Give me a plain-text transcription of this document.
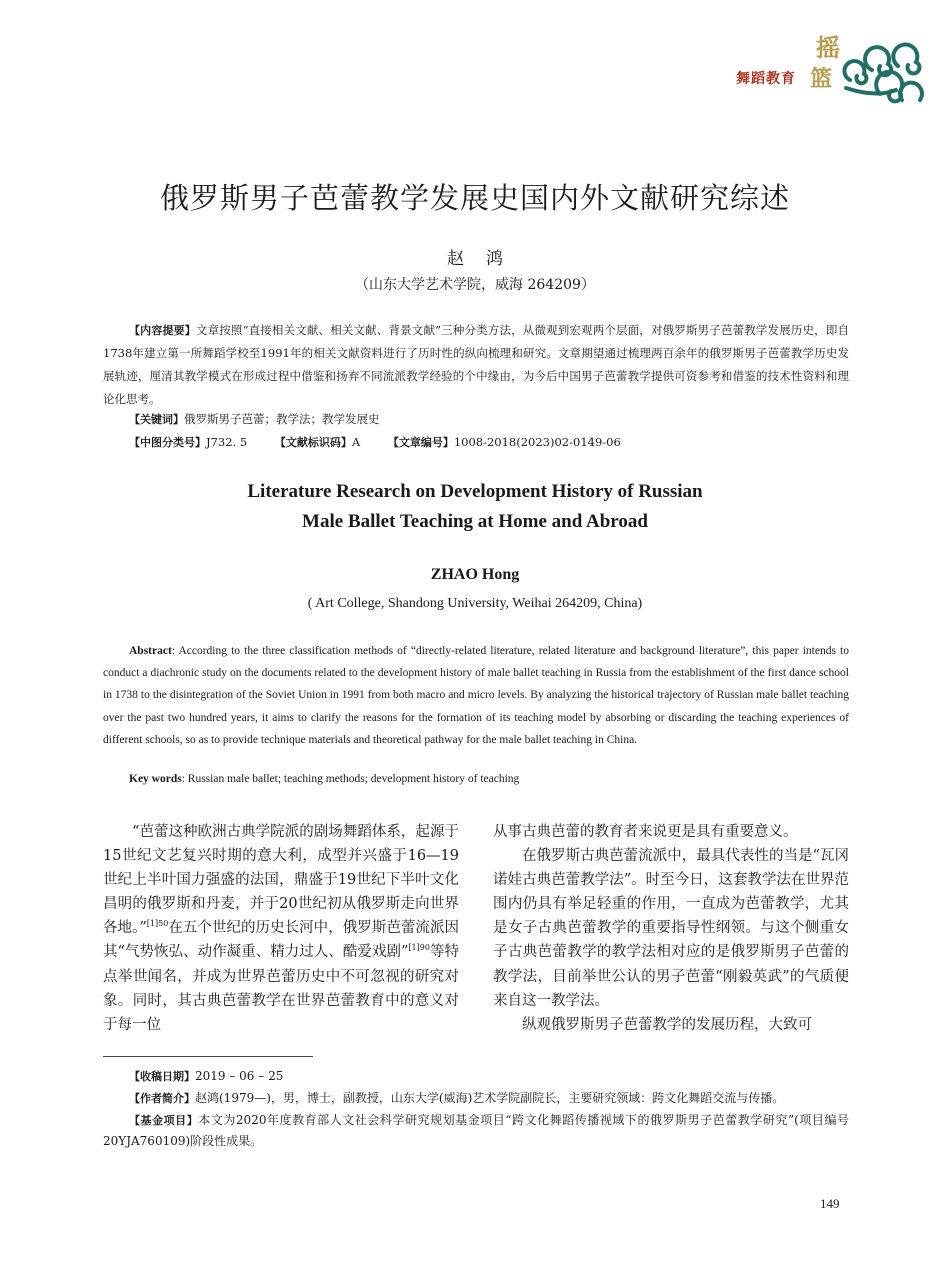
舞蹈教育
摇
篮
俄罗斯男子芭蕾教学发展史国内外文献研究综述
赵鸿
（山东大学艺术学院，威海 264209）

【内容提要】文章按照“直接相关文献、相关文献、背景文献”三种分类方法，从微观到宏观两个层面，对俄罗斯男子芭蕾教学发展历史，即自1738年建立第一所舞蹈学校至1991年的相关文献资料进行了历时性的纵向梳理和研究。文章期望通过梳理两百余年的俄罗斯男子芭蕾教学历史发展轨迹，厘清其教学模式在形成过程中借鉴和扬弃不同流派教学经验的个中缘由，为今后中国男子芭蕾教学提供可资参考和借鉴的技术性资料和理论化思考。

【关键词】俄罗斯男子芭蕾；教学法；教学发展史
【中图分类号】J732. 5	【文献标识码】A	【文章编号】1008-2018(2023)02-0149-06
Literature Research on Development History of Russian
Male Ballet Teaching at Home and Abroad
ZHAO Hong
( Art College, Shandong University, Weihai 264209, China)

Abstract: According to the three classification methods of “directly-related literature, related literature and background literature”, this paper intends to conduct a diachronic study on the documents related to the development history of male ballet teaching in Russia from the establishment of the first dance school in 1738 to the disintegration of the Soviet Union in 1991 from both macro and micro levels. By analyzing the historical trajectory of Russian male ballet teaching over the past two hundred years, it aims to clarify the reasons for the formation of its teaching model by absorbing or discarding the teaching experiences of different schools, so as to provide technique materials and theoretical pathway for the male ballet teaching in China.

Key words: Russian male ballet; teaching methods; development history of teaching

“芭蕾这种欧洲古典学院派的剧场舞蹈体系，起源于15世纪文艺复兴时期的意大利，成型并兴盛于16—19世纪上半叶国力强盛的法国，鼎盛于19世纪下半叶文化昌明的俄罗斯和丹麦，并于20世纪初从俄罗斯走向世界各地。”$^{[1]50}$在五个世纪的历史长河中，俄罗斯芭蕾流派因其“气势恢弘、动作凝重、精力过人、酷爱戏剧”$^{[1]90}$等特点举世闻名，并成为世界芭蕾历史中不可忽视的研究对象。同时，其古典芭蕾教学在世界芭蕾教育中的意义对于每一位

从事古典芭蕾的教育者来说更是具有重要意义。

在俄罗斯古典芭蕾流派中，最具代表性的当是“瓦冈诺娃古典芭蕾教学法”。时至今日，这套教学法在世界范围内仍具有举足轻重的作用，一直成为芭蕾教学，尤其是女子古典芭蕾教学的重要指导性纲领。与这个侧重女子古典芭蕾教学的教学法相对应的是俄罗斯男子芭蕾的教学法，目前举世公认的男子芭蕾“刚毅英武”的气质便来自这一教学法。

纵观俄罗斯男子芭蕾教学的发展历程，大致可

【收稿日期】2019 – 06 – 25

【作者简介】赵鸿(1979—)，男，博士，副教授，山东大学(威海)艺术学院副院长，主要研究领域：跨文化舞蹈交流与传播。

【基金项目】本文为2020年度教育部人文社会科学研究规划基金项目“跨文化舞蹈传播视域下的俄罗斯男子芭蕾教学研究”(项目编号20YJA760109)阶段性成果。

149
